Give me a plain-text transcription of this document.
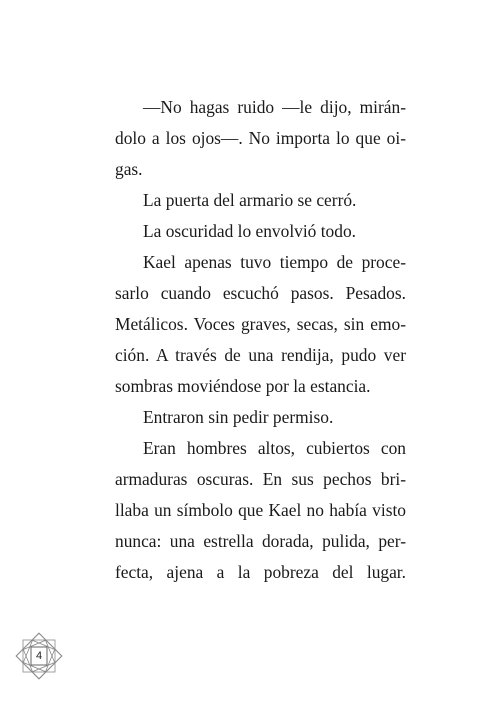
—No hagas ruido —le dijo, mirán-
dolo a los ojos—. No importa lo que oi-
gas.

La puerta del armario se cerró.

La oscuridad lo envolvió todo.

Kael apenas tuvo tiempo de proce-
sarlo cuando escuchó pasos. Pesados.
Metálicos. Voces graves, secas, sin emo-
ción. A través de una rendija, pudo ver
sombras moviéndose por la estancia.

Entraron sin pedir permiso.

Eran hombres altos, cubiertos con
armaduras oscuras. En sus pechos bri-
llaba un símbolo que Kael no había visto
nunca: una estrella dorada, pulida, per-
fecta, ajena a la pobreza del lugar.

4
